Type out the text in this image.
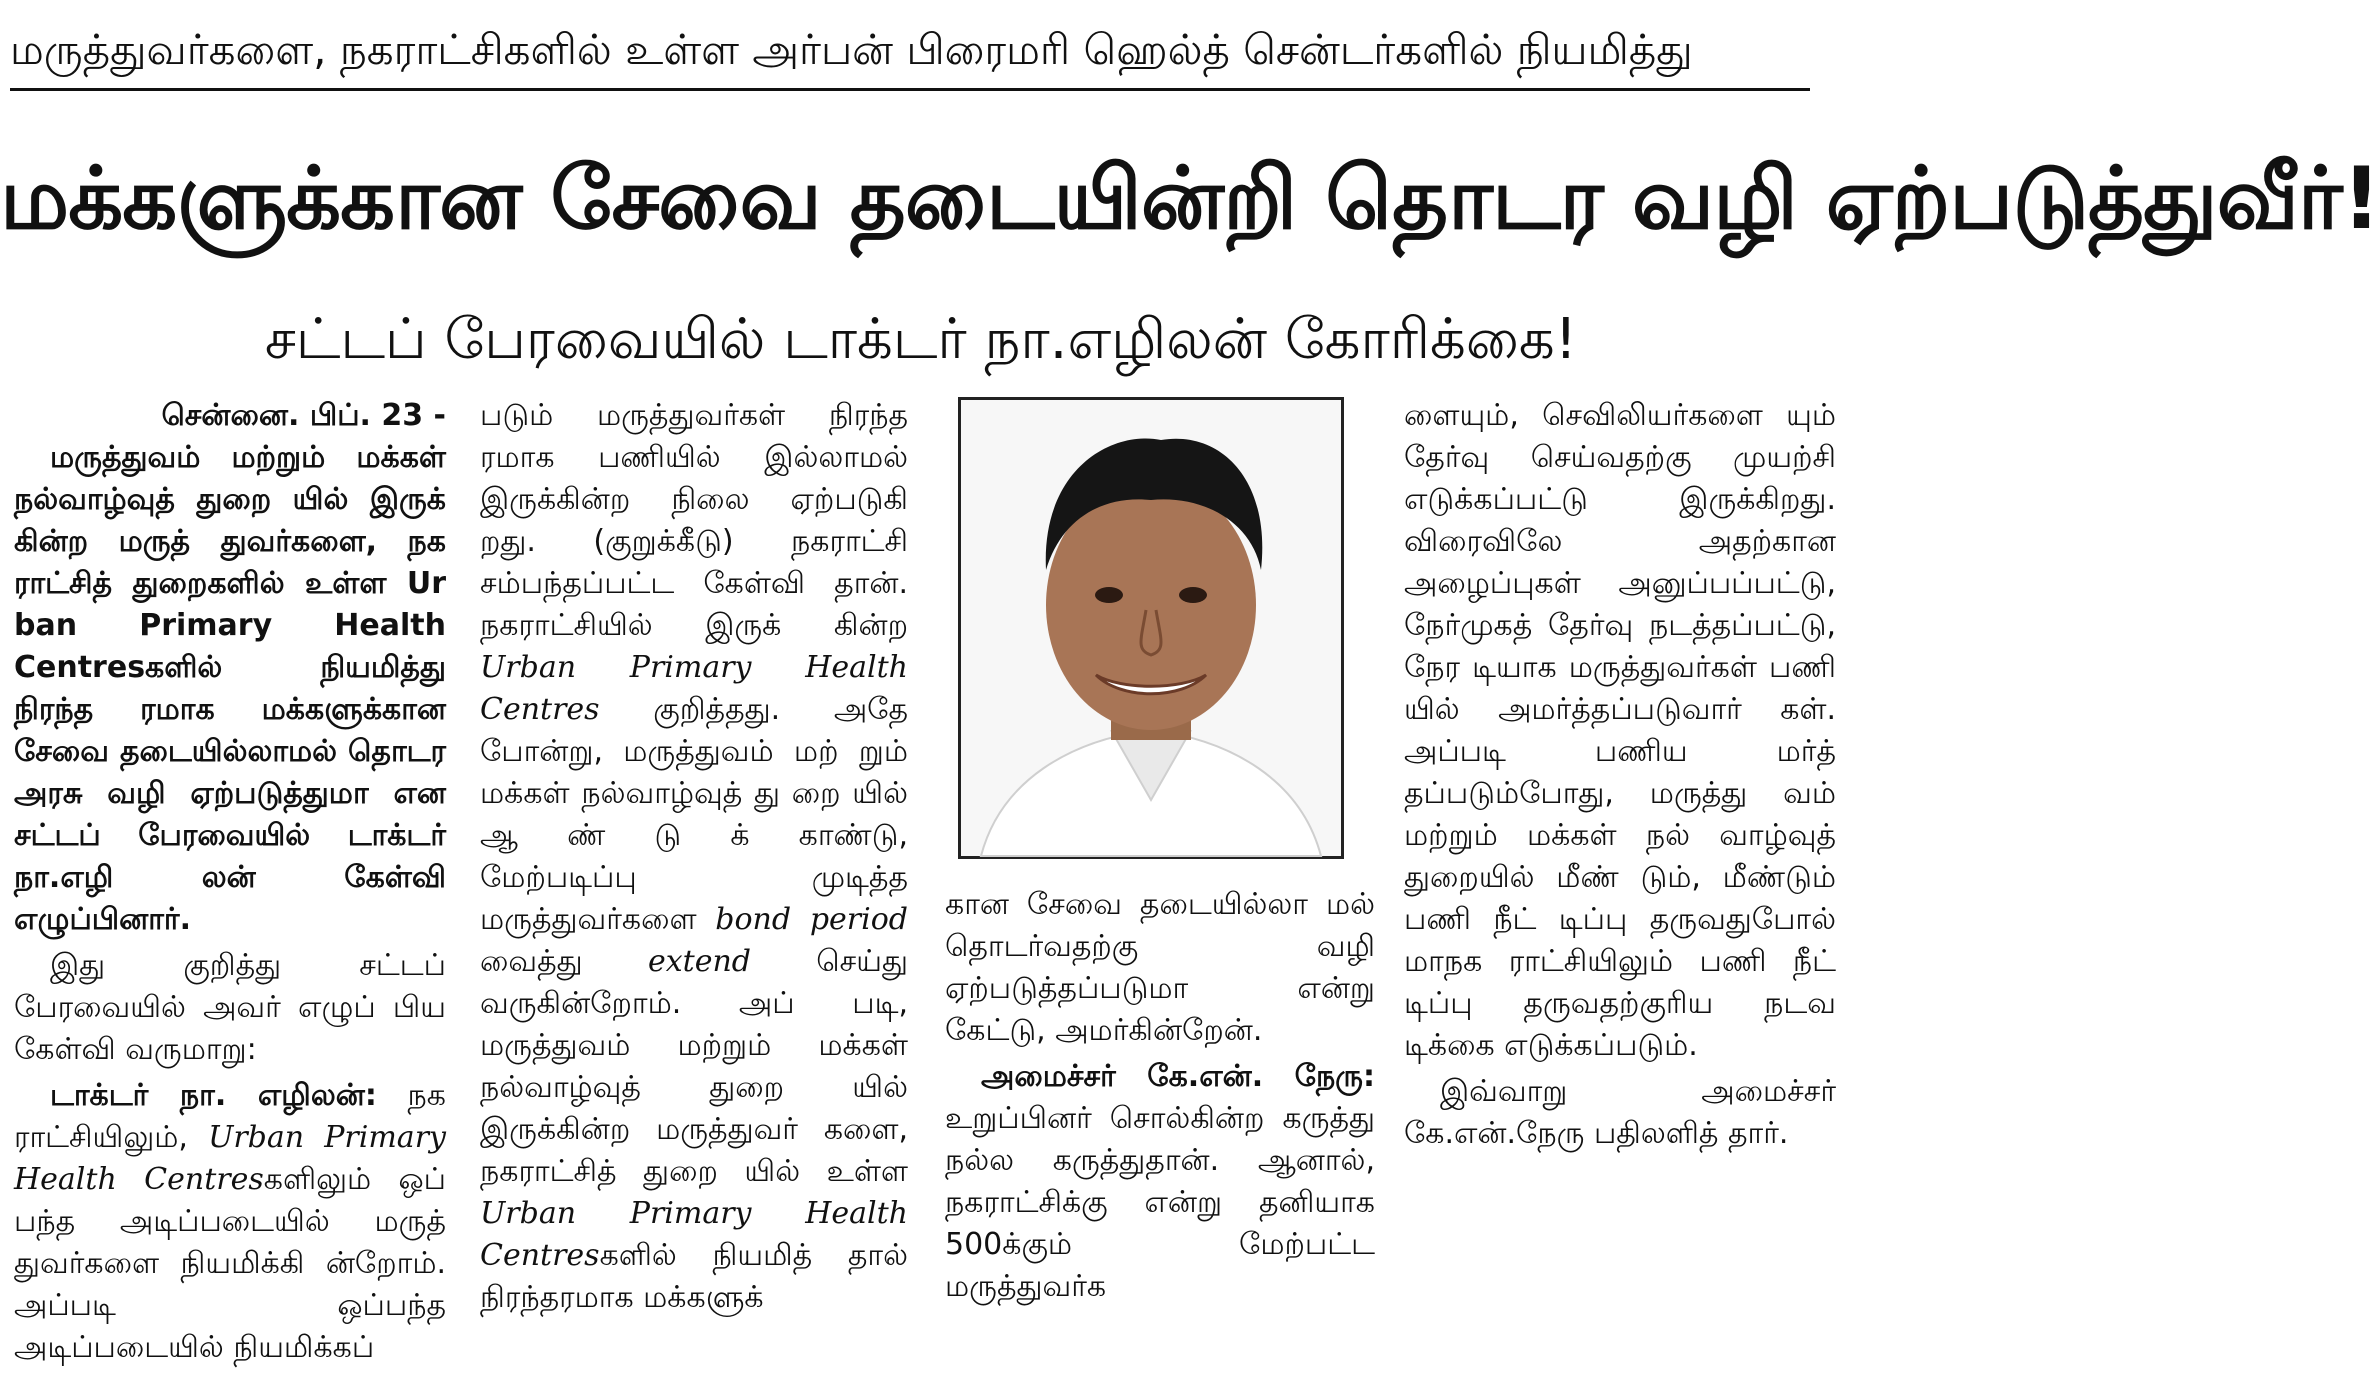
மருத்துவர்களை, நகராட்சிகளில் உள்ள அர்பன் பிரைமரி ஹெல்த் சென்டர்களில் நியமித்து
மக்களுக்கான சேவை தடையின்றி தொடர வழி ஏற்படுத்துவீர்!
சட்டப் பேரவையில் டாக்டர் நா.எழிலன் கோரிக்கை!
சென்னை. பிப். 23 -

மருத்துவம் மற்றும் மக்கள் நல்வாழ்வுத் துறை யில் இருக் கின்ற மருத் துவர்களை, நக ராட்சித் துறைகளில் உள்ள Ur ban Primary Health Centresகளில் நியமித்து நிரந்த ரமாக மக்களுக்கான சேவை தடையில்லாமல் தொடர அரசு வழி ஏற்படுத்துமா என சட்டப் பேரவையில் டாக்டர் நா.எழி லன் கேள்வி எழுப்பினார்.

இது குறித்து சட்டப் பேரவையில் அவர் எழுப் பிய கேள்வி வருமாறு:

டாக்டர் நா. எழிலன்: நக ராட்சியிலும், Urban Primary Health Centresகளிலும் ஒப் பந்த அடிப்படையில் மருத் துவர்களை நியமிக்கி ன்றோம். அப்படி ஒப்பந்த அடிப்படையில் நியமிக்கப்

படும் மருத்துவர்கள் நிரந்த ரமாக பணியில் இல்லாமல் இருக்கின்ற நிலை ஏற்படுகி றது. (குறுக்கீடு) நகராட்சி சம்பந்தப்பட்ட கேள்வி தான். நகராட்சியில் இருக் கின்ற Urban Primary Health Centres குறித்தது. அதே போன்று, மருத்துவம் மற் றும் மக்கள் நல்வாழ்வுத் து றை யில் ஆ ண் டு க் காண்டு, மேற்படிப்பு முடித்த மருத்துவர்களை bond period வைத்து extend செய்து வருகின்றோம். அப் படி, மருத்துவம் மற்றும் மக்கள் நல்வாழ்வுத் துறை யில் இருக்கின்ற மருத்துவர் களை, நகராட்சித் துறை யில் உள்ள Urban Primary Health Centresகளில் நியமித் தால் நிரந்தரமாக மக்களுக்

கான சேவை தடையில்லா மல் தொடர்வதற்கு வழி ஏற்படுத்தப்படுமா என்று கேட்டு, அமர்கின்றேன்.

அமைச்சர் கே.என். நேரு: உறுப்பினர் சொல்கின்ற கருத்து நல்ல கருத்துதான். ஆனால், நகராட்சிக்கு என்று தனியாக 500க்கும் மேற்பட்ட மருத்துவர்க

ளையும், செவிலியர்களை யும் தேர்வு செய்வதற்கு முயற்சி எடுக்கப்பட்டு இருக்கிறது. விரைவிலே அதற்கான அழைப்புகள் அனுப்பப்பட்டு, நேர்முகத் தேர்வு நடத்தப்பட்டு, நேர டியாக மருத்துவர்கள் பணி யில் அமர்த்தப்படுவார் கள். அப்படி பணிய மர்த் தப்படும்போது, மருத்து வம் மற்றும் மக்கள் நல் வாழ்வுத் துறையில் மீண் டும், மீண்டும் பணி நீட் டிப்பு தருவதுபோல் மாநக ராட்சியிலும் பணி நீட் டிப்பு தருவதற்குரிய நடவ டிக்கை எடுக்கப்படும்.

இவ்வாறு அமைச்சர் கே.என்.நேரு பதிலளித் தார்.
